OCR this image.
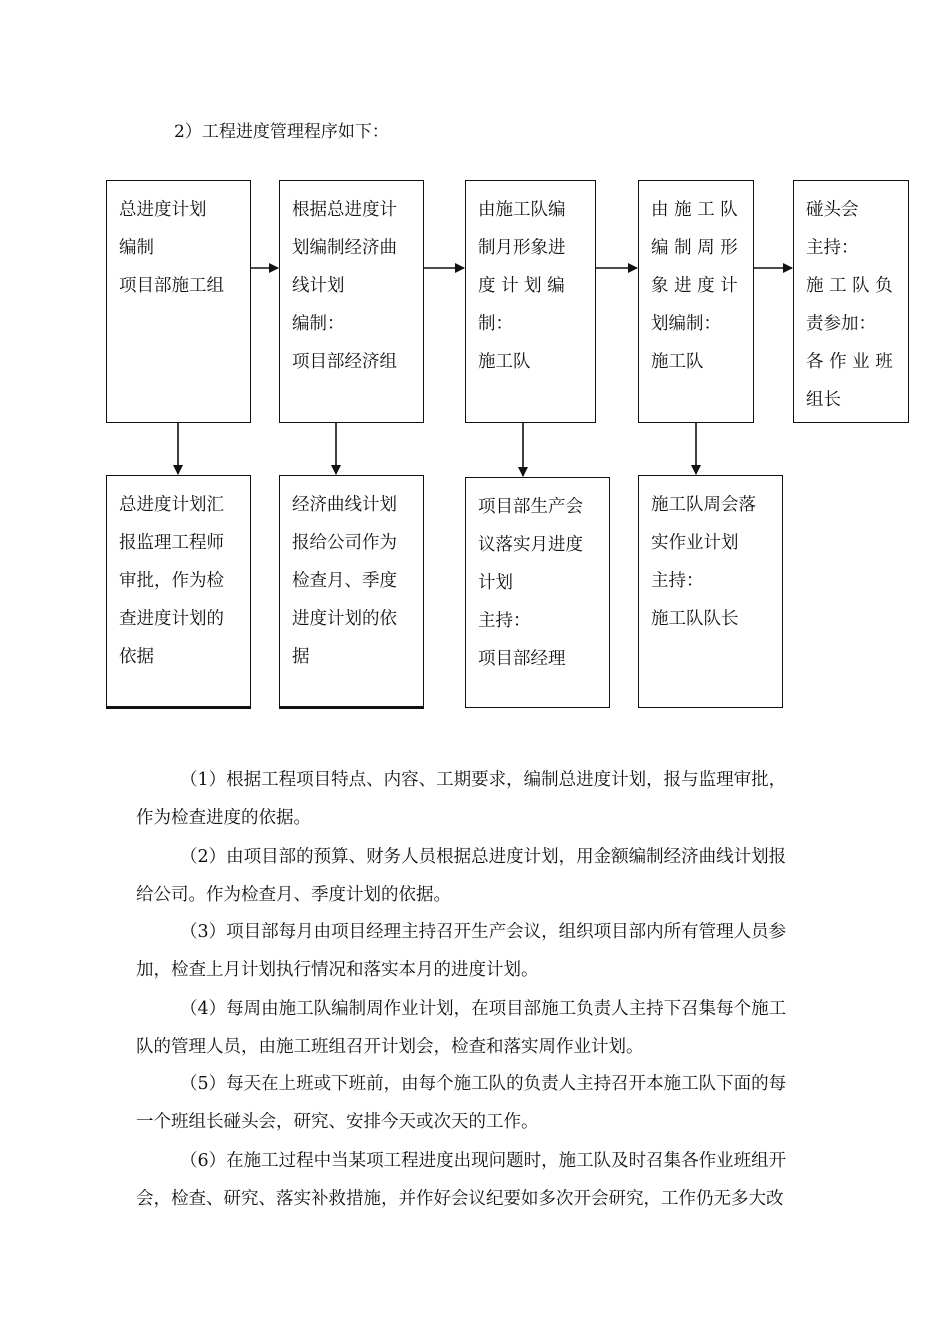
2）工程进度管理程序如下：
总进度计划
编制
项目部施工组
根据总进度计
划编制经济曲
线计划
编制：
项目部经济组
由施工队编
制月形象进
度 计 划 编
制：
施工队
由 施 工 队
编 制 周 形
象 进 度 计
划编制：
施工队
碰头会
主持：
施 工 队 负
责参加：
各 作 业 班
组长
总进度计划汇
报监理工程师
审批，作为检
查进度计划的
依据
经济曲线计划
报给公司作为
检查月、季度
进度计划的依
据
项目部生产会
议落实月进度
计划
主持：
项目部经理
施工队周会落
实作业计划
主持：
施工队队长
（1）根据工程项目特点、内容、工期要求，编制总进度计划，报与监理审批，
作为检查进度的依据。
（2）由项目部的预算、财务人员根据总进度计划，用金额编制经济曲线计划报
给公司。作为检查月、季度计划的依据。
（3）项目部每月由项目经理主持召开生产会议，组织项目部内所有管理人员参
加，检查上月计划执行情况和落实本月的进度计划。
（4）每周由施工队编制周作业计划，在项目部施工负责人主持下召集每个施工
队的管理人员，由施工班组召开计划会，检查和落实周作业计划。
（5）每天在上班或下班前，由每个施工队的负责人主持召开本施工队下面的每
一个班组长碰头会，研究、安排今天或次天的工作。
（6）在施工过程中当某项工程进度出现问题时，施工队及时召集各作业班组开
会，检查、研究、落实补救措施，并作好会议纪要如多次开会研究，工作仍无多大改
